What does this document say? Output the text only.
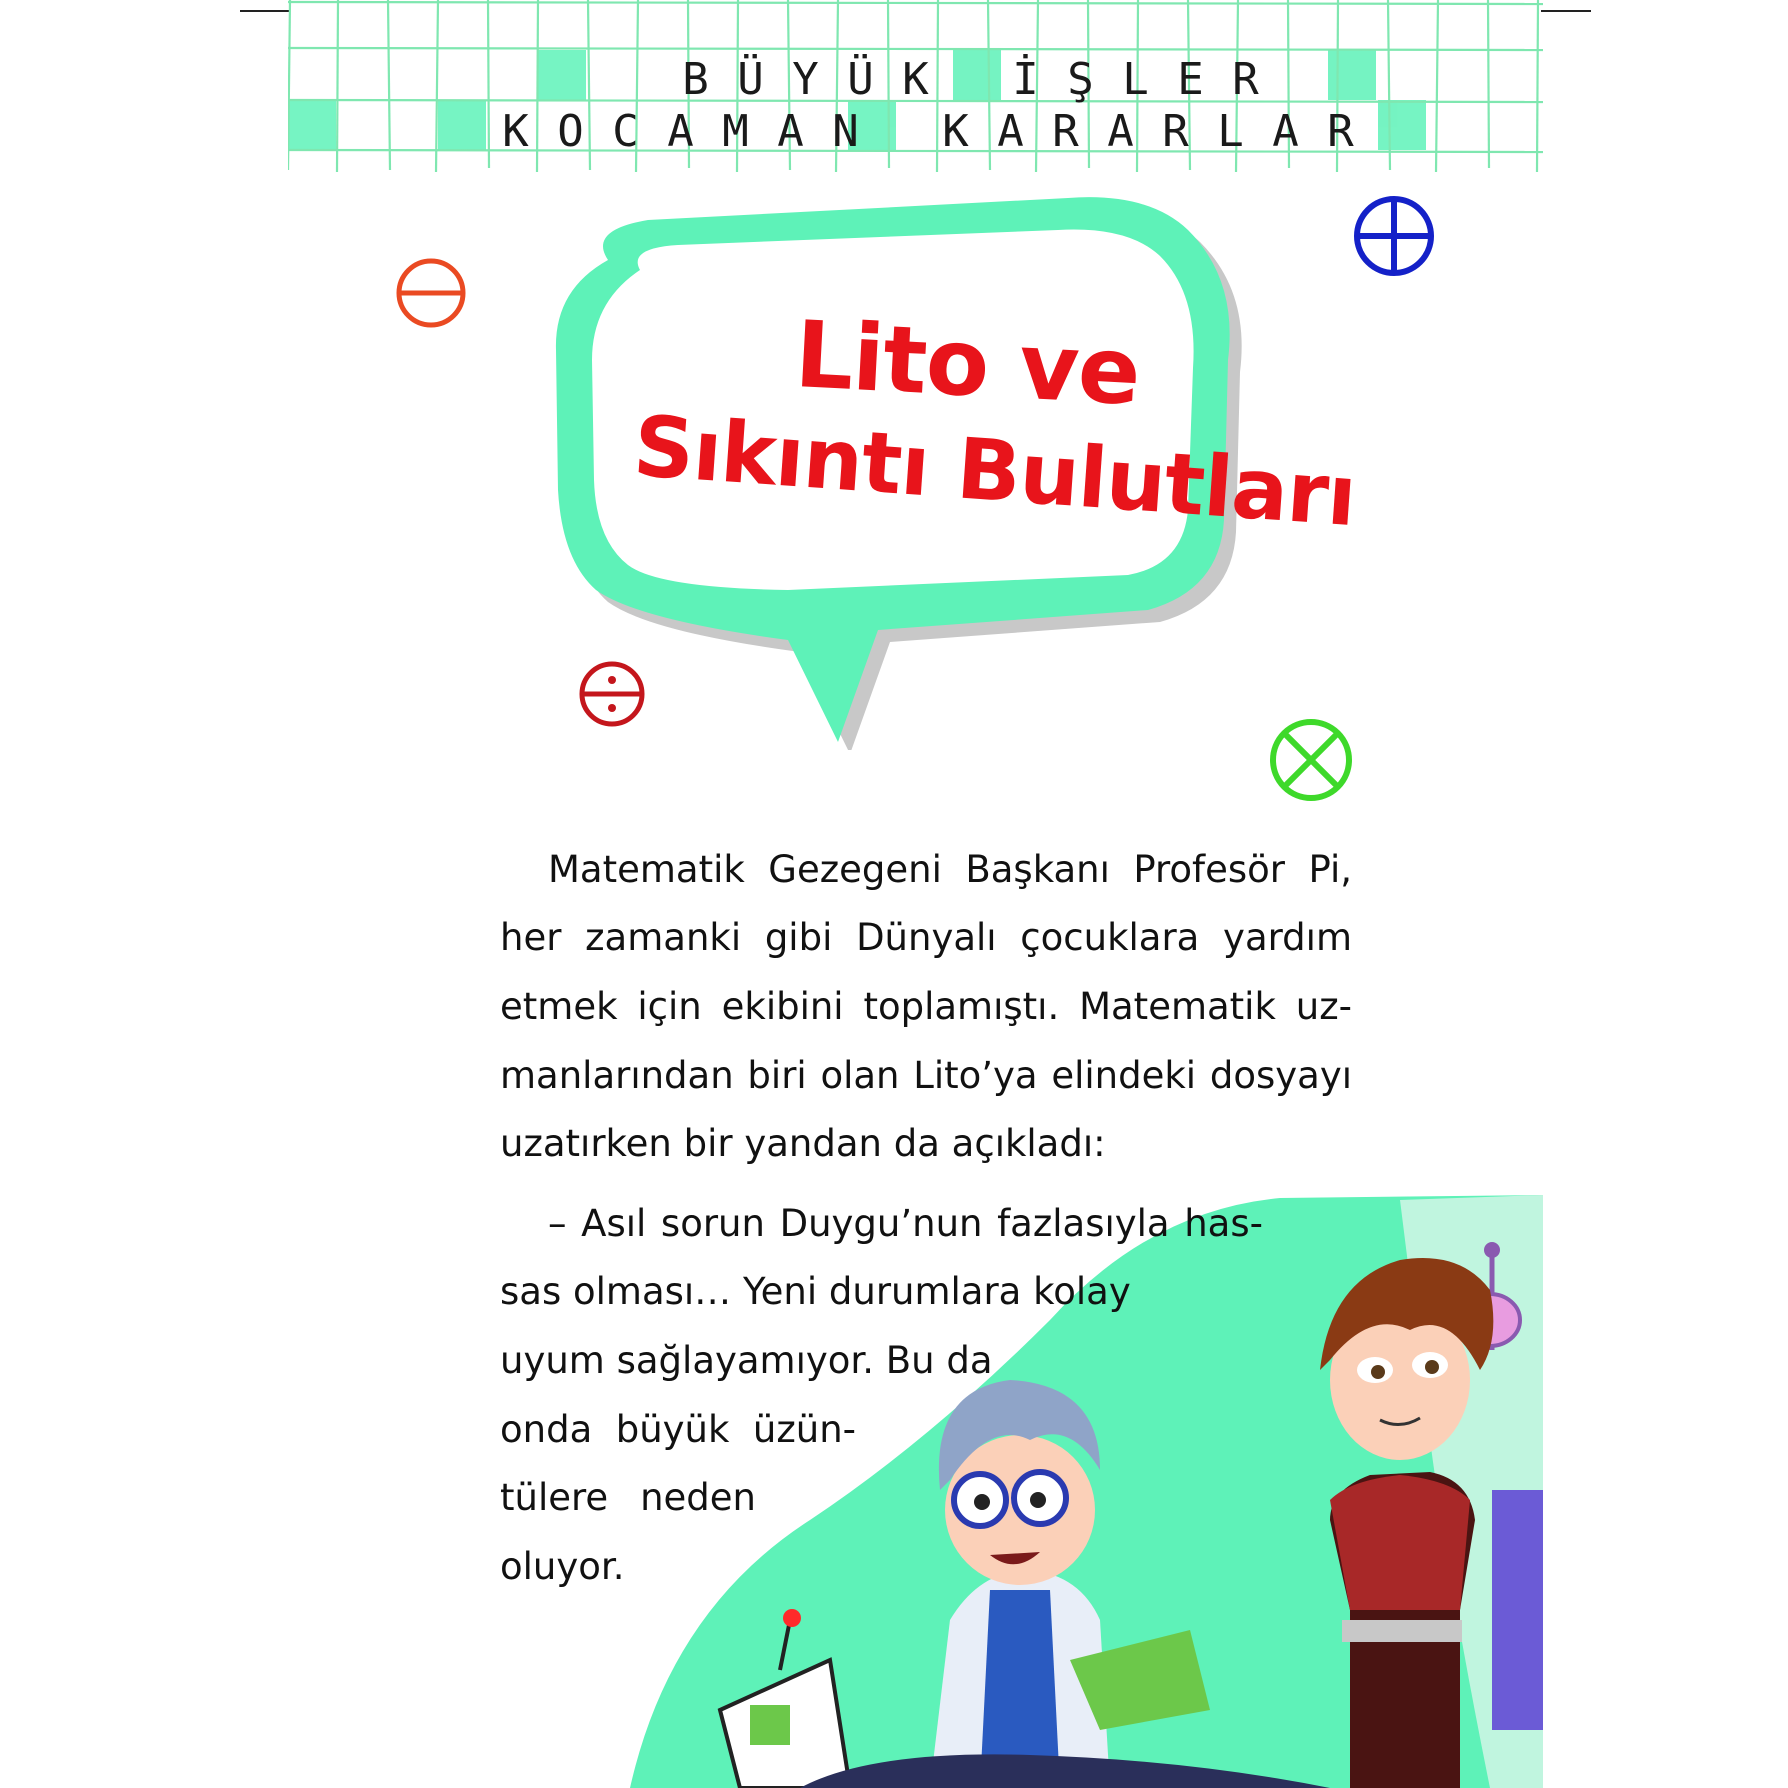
B Ü Y Ü K İ Ş L E R
K O C A M A N K A R A R L A R
Lito ve
Sıkıntı Bulutları
Matematik Gezegeni Başkanı Profesör Pi,
her zamanki gibi Dünyalı çocuklara yardım
etmek için ekibini toplamıştı. Matematik uz-
manlarından biri olan Lito’ya elindeki dosyayı
uzatırken bir yandan da açıkladı:
– Asıl sorun Duygu’nun fazlasıyla has-
sas olması… Yeni durumlara kolay
uyum sağlayamıyor. Bu da
onda büyük üzün-
tülere neden
oluyor.
